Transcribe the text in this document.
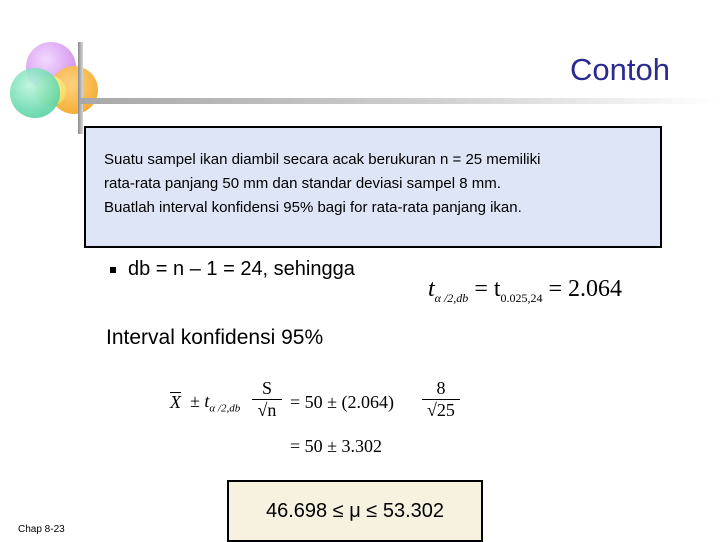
Contoh
Suatu sampel ikan diambil secara acak berukuran n = 25 memiliki
rata-rata panjang 50 mm dan standar deviasi sampel 8 mm.
Buatlah interval konfidensi 95% bagi for rata-rata panjang ikan.
db = n – 1 = 24, sehingga
$t_{\alpha /2,db} = t_{0.025,24} = 2.064$
Interval konfidensi 95%
$X \pm t_{\alpha /2,db} \frac{S}{√n} = 50 \pm (2.064) \frac{8}{√25}$
= 50 ± 3.302
46.698 ≤ μ ≤ 53.302
Chap 8-23
